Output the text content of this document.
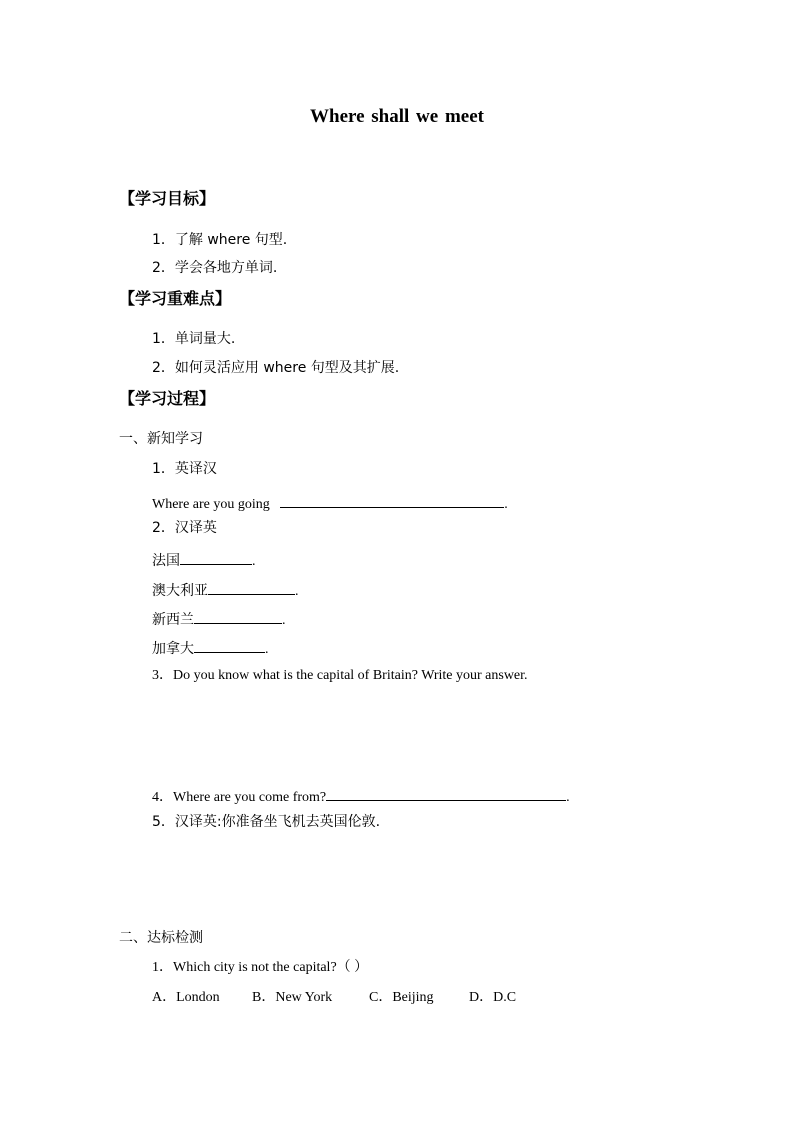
Where shall we meet
【学习目标】
1．了解 where 句型.
2．学会各地方单词.
【学习重难点】
1．单词量大.
2．如何灵活应用 where 句型及其扩展.
【学习过程】
一、新知学习
1．英译汉
Where are you going	.
2．汉译英
法国	.
澳大利亚	.
新西兰	.
加拿大	.
3．Do you know what is the capital of Britain? Write your answer.
4．Where are you come from?	.
5．汉译英:你准备坐飞机去英国伦敦.
二、达标检测
1．Which city is not the capital?（ ）
A．London B．New York	C．Beijing	D．D.C
